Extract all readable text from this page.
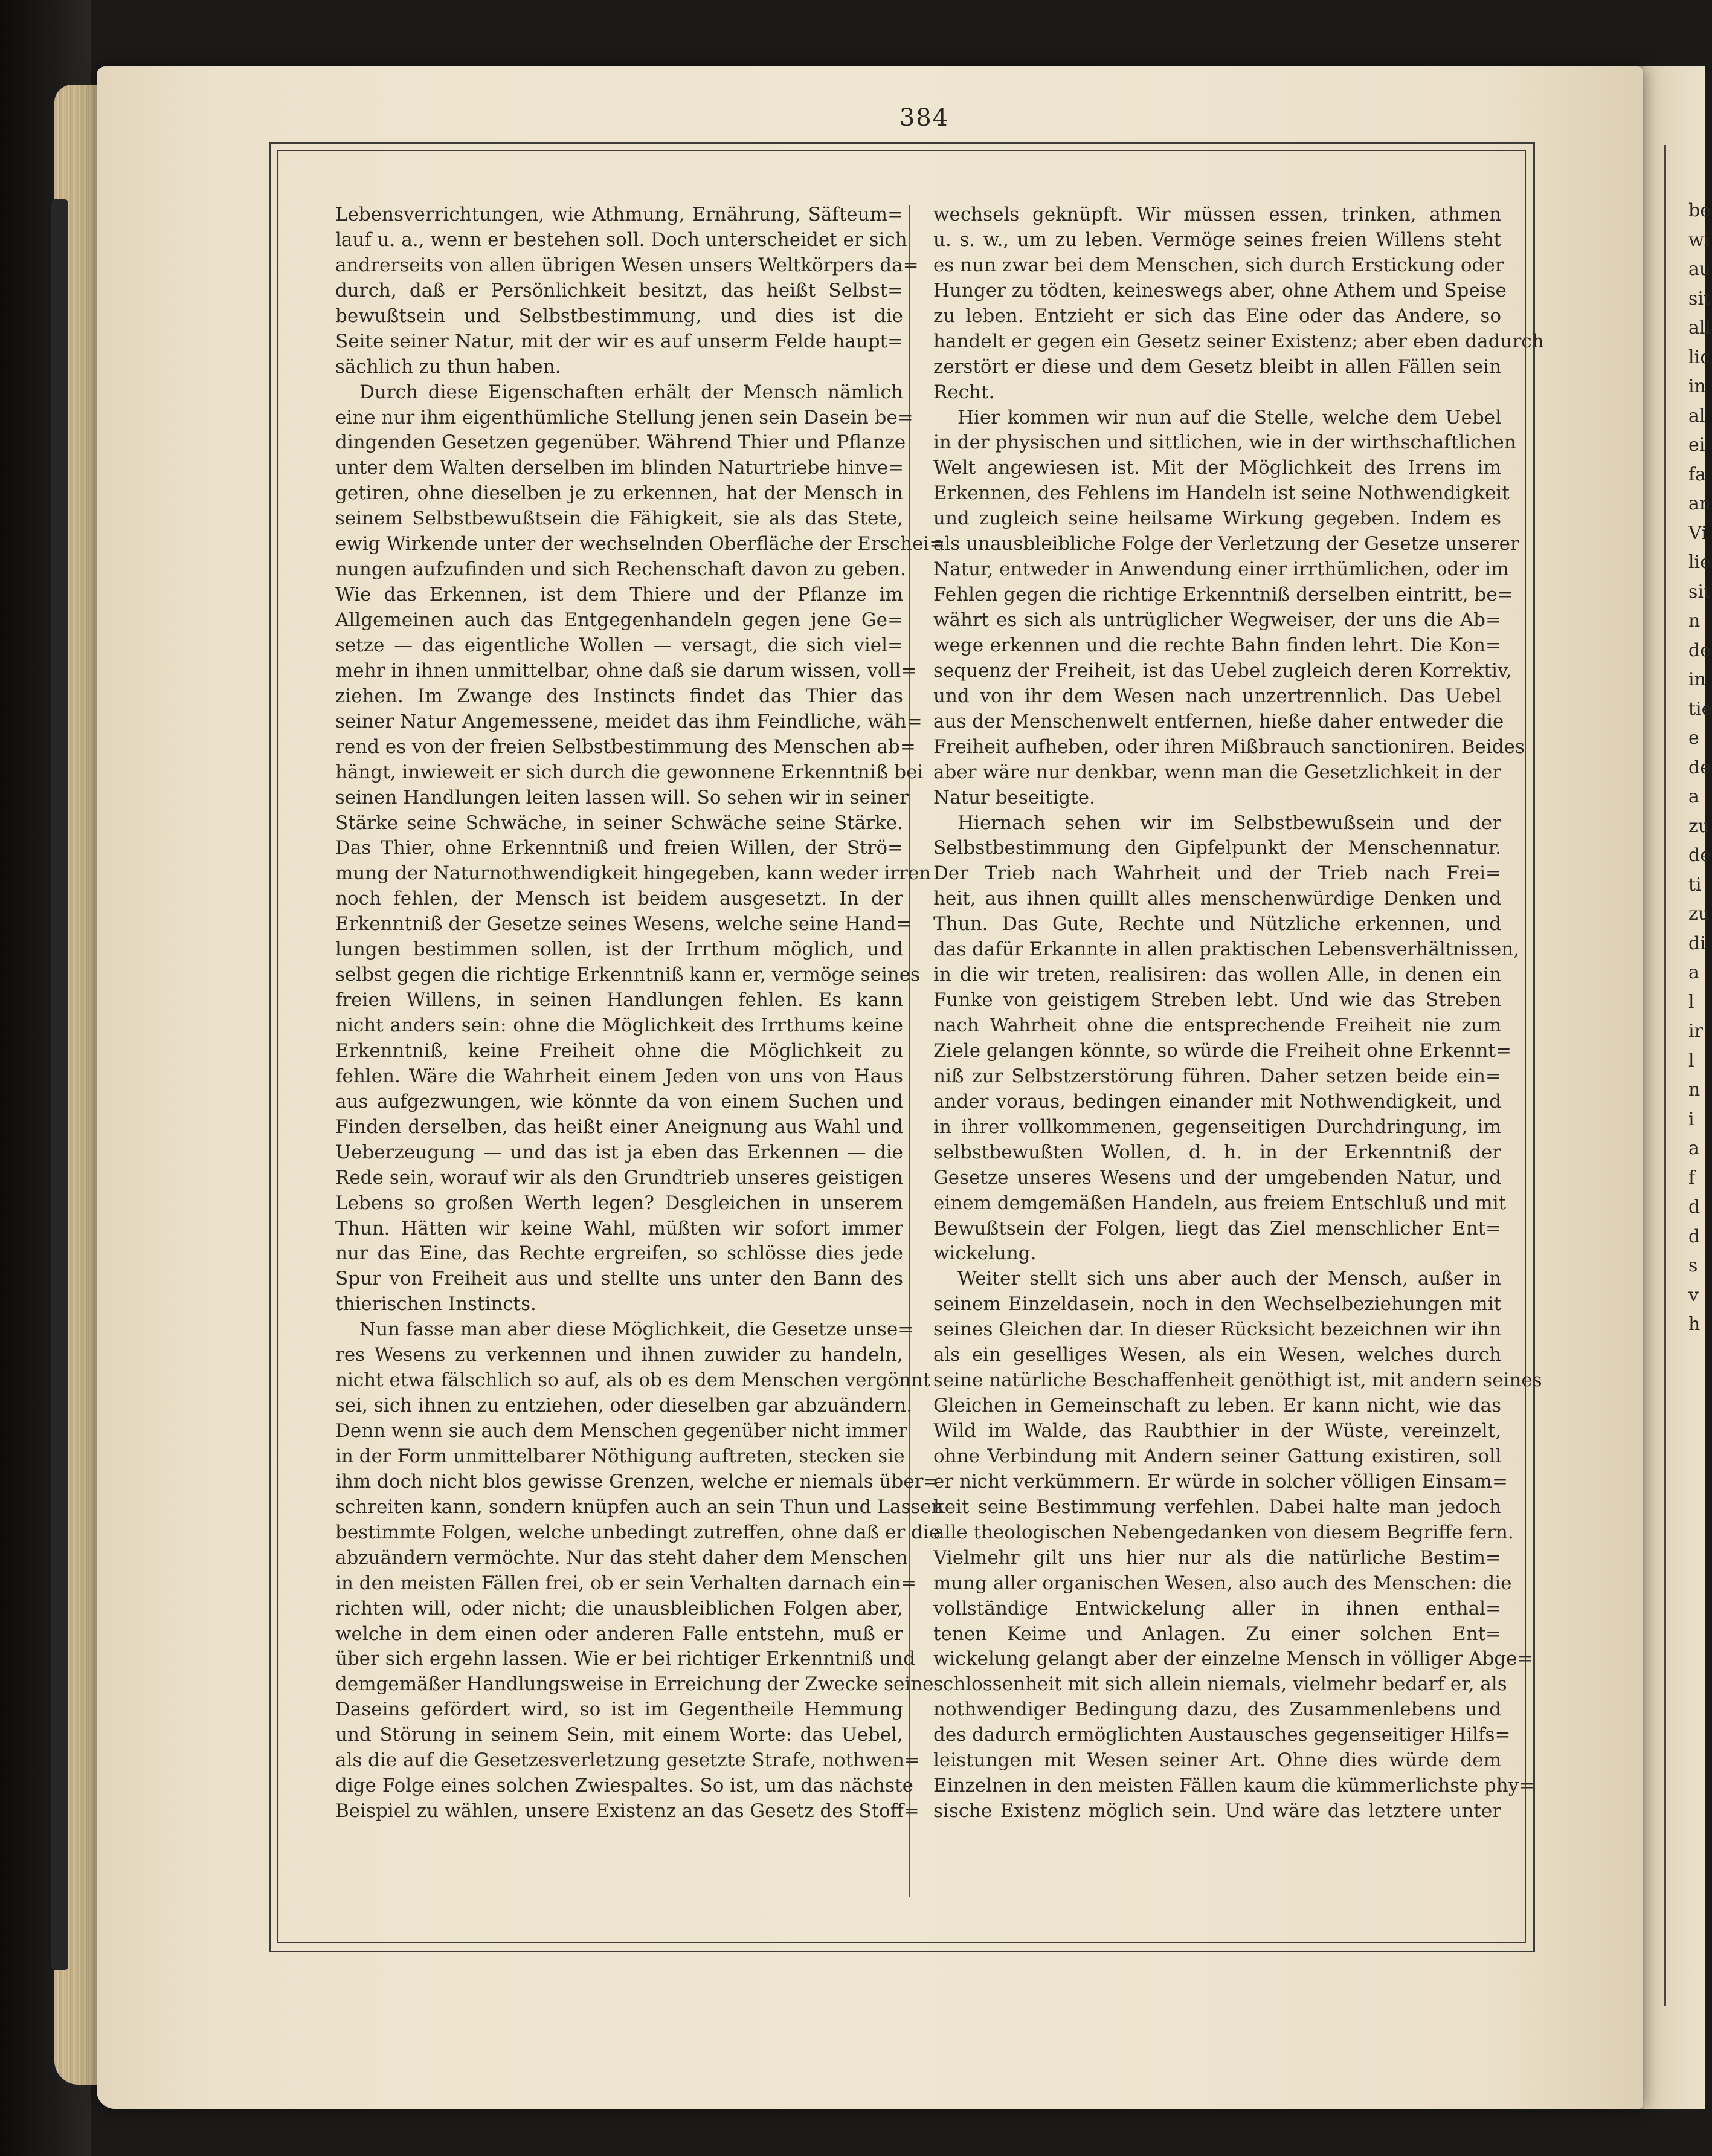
be
wi
au
sit
all
lic
in
al
ei
fa
an
Vi
lie
sit
n
de
in
tie
e
de
a
zu
de
ti
zu
di
a
l
ir
l
n
i
a
f
d
d
s
v
h
384
Lebensverrichtungen, wie Athmung, Ernährung, Säfteum=
lauf u. a., wenn er bestehen soll. Doch unterscheidet er sich
andrerseits von allen übrigen Wesen unsers Weltkörpers da=
durch, daß er Persönlichkeit besitzt, das heißt Selbst=
bewußtsein und Selbstbestimmung, und dies ist die
Seite seiner Natur, mit der wir es auf unserm Felde haupt=
sächlich zu thun haben.
Durch diese Eigenschaften erhält der Mensch nämlich
eine nur ihm eigenthümliche Stellung jenen sein Dasein be=
dingenden Gesetzen gegenüber. Während Thier und Pflanze
unter dem Walten derselben im blinden Naturtriebe hinve=
getiren, ohne dieselben je zu erkennen, hat der Mensch in
seinem Selbstbewußtsein die Fähigkeit, sie als das Stete,
ewig Wirkende unter der wechselnden Oberfläche der Erschei=
nungen aufzufinden und sich Rechenschaft davon zu geben.
Wie das Erkennen, ist dem Thiere und der Pflanze im
Allgemeinen auch das Entgegenhandeln gegen jene Ge=
setze — das eigentliche Wollen — versagt, die sich viel=
mehr in ihnen unmittelbar, ohne daß sie darum wissen, voll=
ziehen. Im Zwange des Instincts findet das Thier das
seiner Natur Angemessene, meidet das ihm Feindliche, wäh=
rend es von der freien Selbstbestimmung des Menschen ab=
hängt, inwieweit er sich durch die gewonnene Erkenntniß bei
seinen Handlungen leiten lassen will. So sehen wir in seiner
Stärke seine Schwäche, in seiner Schwäche seine Stärke.
Das Thier, ohne Erkenntniß und freien Willen, der Strö=
mung der Naturnothwendigkeit hingegeben, kann weder irren
noch fehlen, der Mensch ist beidem ausgesetzt. In der
Erkenntniß der Gesetze seines Wesens, welche seine Hand=
lungen bestimmen sollen, ist der Irrthum möglich, und
selbst gegen die richtige Erkenntniß kann er, vermöge seines
freien Willens, in seinen Handlungen fehlen. Es kann
nicht anders sein: ohne die Möglichkeit des Irrthums keine
Erkenntniß, keine Freiheit ohne die Möglichkeit zu
fehlen. Wäre die Wahrheit einem Jeden von uns von Haus
aus aufgezwungen, wie könnte da von einem Suchen und
Finden derselben, das heißt einer Aneignung aus Wahl und
Ueberzeugung — und das ist ja eben das Erkennen — die
Rede sein, worauf wir als den Grundtrieb unseres geistigen
Lebens so großen Werth legen? Desgleichen in unserem
Thun. Hätten wir keine Wahl, müßten wir sofort immer
nur das Eine, das Rechte ergreifen, so schlösse dies jede
Spur von Freiheit aus und stellte uns unter den Bann des
thierischen Instincts.
Nun fasse man aber diese Möglichkeit, die Gesetze unse=
res Wesens zu verkennen und ihnen zuwider zu handeln,
nicht etwa fälschlich so auf, als ob es dem Menschen vergönnt
sei, sich ihnen zu entziehen, oder dieselben gar abzuändern.
Denn wenn sie auch dem Menschen gegenüber nicht immer
in der Form unmittelbarer Nöthigung auftreten, stecken sie
ihm doch nicht blos gewisse Grenzen, welche er niemals über=
schreiten kann, sondern knüpfen auch an sein Thun und Lassen
bestimmte Folgen, welche unbedingt zutreffen, ohne daß er die
abzuändern vermöchte. Nur das steht daher dem Menschen
in den meisten Fällen frei, ob er sein Verhalten darnach ein=
richten will, oder nicht; die unausbleiblichen Folgen aber,
welche in dem einen oder anderen Falle entstehn, muß er
über sich ergehn lassen. Wie er bei richtiger Erkenntniß und
demgemäßer Handlungsweise in Erreichung der Zwecke seines
Daseins gefördert wird, so ist im Gegentheile Hemmung
und Störung in seinem Sein, mit einem Worte: das Uebel,
als die auf die Gesetzesverletzung gesetzte Strafe, nothwen=
dige Folge eines solchen Zwiespaltes. So ist, um das nächste
Beispiel zu wählen, unsere Existenz an das Gesetz des Stoff=
wechsels geknüpft. Wir müssen essen, trinken, athmen
u. s. w., um zu leben. Vermöge seines freien Willens steht
es nun zwar bei dem Menschen, sich durch Erstickung oder
Hunger zu tödten, keineswegs aber, ohne Athem und Speise
zu leben. Entzieht er sich das Eine oder das Andere, so
handelt er gegen ein Gesetz seiner Existenz; aber eben dadurch
zerstört er diese und dem Gesetz bleibt in allen Fällen sein
Recht.
Hier kommen wir nun auf die Stelle, welche dem Uebel
in der physischen und sittlichen, wie in der wirthschaftlichen
Welt angewiesen ist. Mit der Möglichkeit des Irrens im
Erkennen, des Fehlens im Handeln ist seine Nothwendigkeit
und zugleich seine heilsame Wirkung gegeben. Indem es
als unausbleibliche Folge der Verletzung der Gesetze unserer
Natur, entweder in Anwendung einer irrthümlichen, oder im
Fehlen gegen die richtige Erkenntniß derselben eintritt, be=
währt es sich als untrüglicher Wegweiser, der uns die Ab=
wege erkennen und die rechte Bahn finden lehrt. Die Kon=
sequenz der Freiheit, ist das Uebel zugleich deren Korrektiv,
und von ihr dem Wesen nach unzertrennlich. Das Uebel
aus der Menschenwelt entfernen, hieße daher entweder die
Freiheit aufheben, oder ihren Mißbrauch sanctioniren. Beides
aber wäre nur denkbar, wenn man die Gesetzlichkeit in der
Natur beseitigte.
Hiernach sehen wir im Selbstbewußsein und der
Selbstbestimmung den Gipfelpunkt der Menschennatur.
Der Trieb nach Wahrheit und der Trieb nach Frei=
heit, aus ihnen quillt alles menschenwürdige Denken und
Thun. Das Gute, Rechte und Nützliche erkennen, und
das dafür Erkannte in allen praktischen Lebensverhältnissen,
in die wir treten, realisiren: das wollen Alle, in denen ein
Funke von geistigem Streben lebt. Und wie das Streben
nach Wahrheit ohne die entsprechende Freiheit nie zum
Ziele gelangen könnte, so würde die Freiheit ohne Erkennt=
niß zur Selbstzerstörung führen. Daher setzen beide ein=
ander voraus, bedingen einander mit Nothwendigkeit, und
in ihrer vollkommenen, gegenseitigen Durchdringung, im
selbstbewußten Wollen, d. h. in der Erkenntniß der
Gesetze unseres Wesens und der umgebenden Natur, und
einem demgemäßen Handeln, aus freiem Entschluß und mit
Bewußtsein der Folgen, liegt das Ziel menschlicher Ent=
wickelung.
Weiter stellt sich uns aber auch der Mensch, außer in
seinem Einzeldasein, noch in den Wechselbeziehungen mit
seines Gleichen dar. In dieser Rücksicht bezeichnen wir ihn
als ein geselliges Wesen, als ein Wesen, welches durch
seine natürliche Beschaffenheit genöthigt ist, mit andern seines
Gleichen in Gemeinschaft zu leben. Er kann nicht, wie das
Wild im Walde, das Raubthier in der Wüste, vereinzelt,
ohne Verbindung mit Andern seiner Gattung existiren, soll
er nicht verkümmern. Er würde in solcher völligen Einsam=
keit seine Bestimmung verfehlen. Dabei halte man jedoch
alle theologischen Nebengedanken von diesem Begriffe fern.
Vielmehr gilt uns hier nur als die natürliche Bestim=
mung aller organischen Wesen, also auch des Menschen: die
vollständige Entwickelung aller in ihnen enthal=
tenen Keime und Anlagen. Zu einer solchen Ent=
wickelung gelangt aber der einzelne Mensch in völliger Abge=
schlossenheit mit sich allein niemals, vielmehr bedarf er, als
nothwendiger Bedingung dazu, des Zusammenlebens und
des dadurch ermöglichten Austausches gegenseitiger Hilfs=
leistungen mit Wesen seiner Art. Ohne dies würde dem
Einzelnen in den meisten Fällen kaum die kümmerlichste phy=
sische Existenz möglich sein. Und wäre das letztere unter
